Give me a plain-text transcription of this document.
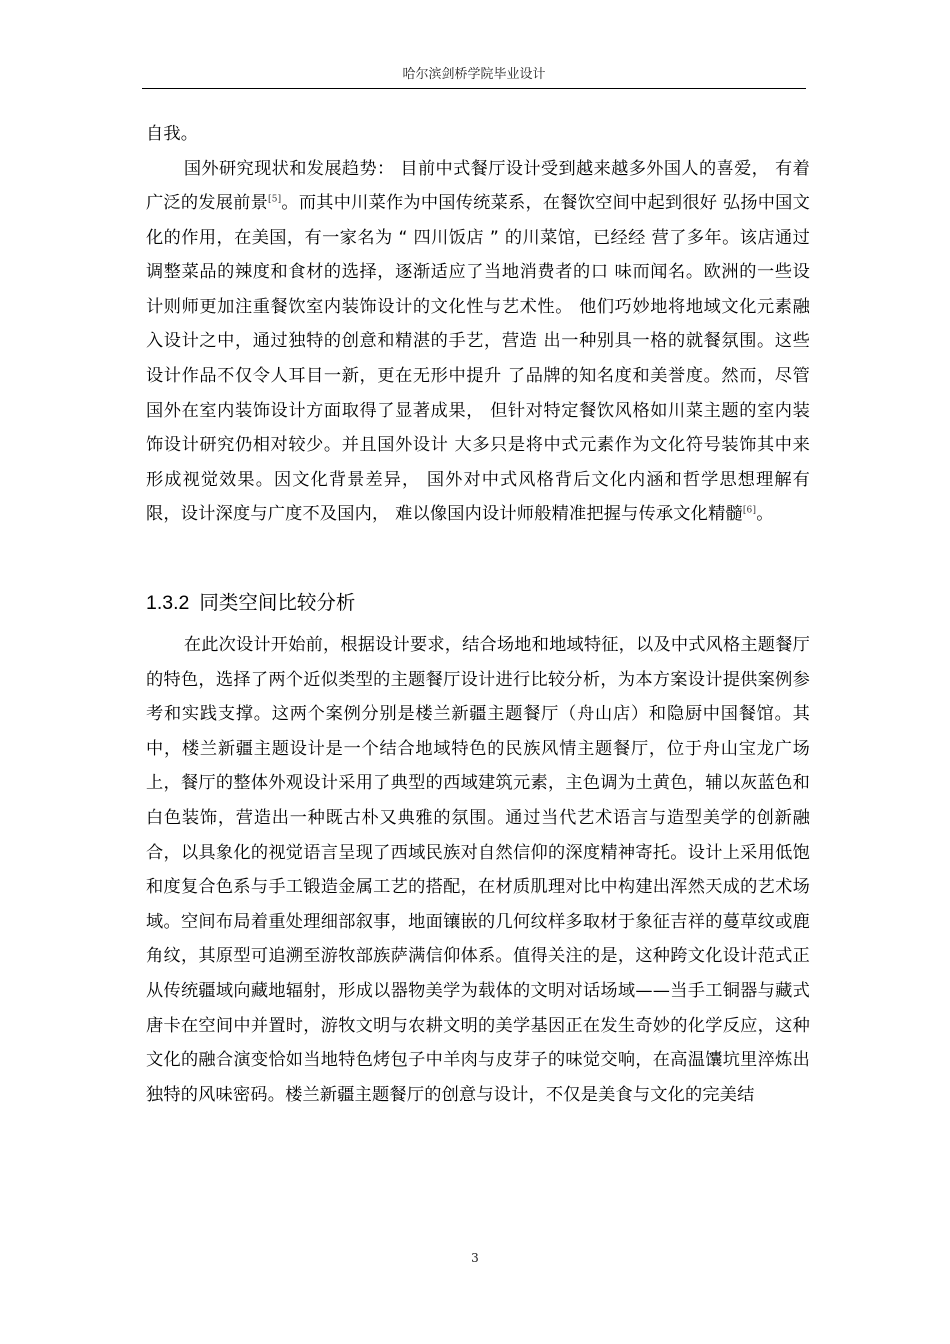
哈尔滨剑桥学院毕业设计

自我。

国外研究现状和发展趋势： 目前中式餐厅设计受到越来越多外国人的喜爱， 有着广泛的发展前景[5]。而其中川菜作为中国传统菜系，在餐饮空间中起到很好 弘扬中国文化的作用，在美国，有一家名为 “ 四川饭店 ” 的川菜馆，已经经 营了多年。该店通过调整菜品的辣度和食材的选择，逐渐适应了当地消费者的口 味而闻名。欧洲的一些设计则师更加注重餐饮室内装饰设计的文化性与艺术性。 他们巧妙地将地域文化元素融入设计之中，通过独特的创意和精湛的手艺，营造 出一种别具一格的就餐氛围。这些设计作品不仅令人耳目一新，更在无形中提升 了品牌的知名度和美誉度。然而，尽管国外在室内装饰设计方面取得了显著成果， 但针对特定餐饮风格如川菜主题的室内装饰设计研究仍相对较少。并且国外设计 大多只是将中式元素作为文化符号装饰其中来形成视觉效果。因文化背景差异， 国外对中式风格背后文化内涵和哲学思想理解有限，设计深度与广度不及国内， 难以像国内设计师般精准把握与传承文化精髓[6]。

1.3.2 同类空间比较分析

在此次设计开始前，根据设计要求，结合场地和地域特征，以及中式风格主题餐厅的特色，选择了两个近似类型的主题餐厅设计进行比较分析，为本方案设计提供案例参考和实践支撑。这两个案例分别是楼兰新疆主题餐厅（舟山店）和隐厨中国餐馆。其中，楼兰新疆主题设计是一个结合地域特色的民族风情主题餐厅，位于舟山宝龙广场上，餐厅的整体外观设计采用了典型的西域建筑元素，主色调为土黄色，辅以灰蓝色和白色装饰，营造出一种既古朴又典雅的氛围。通过当代艺术语言与造型美学的创新融合，以具象化的视觉语言呈现了西域民族对自然信仰的深度精神寄托。设计上采用低饱和度复合色系与手工锻造金属工艺的搭配，在材质肌理对比中构建出浑然天成的艺术场域。空间布局着重处理细部叙事，地面镶嵌的几何纹样多取材于象征吉祥的蔓草纹或鹿角纹，其原型可追溯至游牧部族萨满信仰体系。值得关注的是，这种跨文化设计范式正从传统疆域向藏地辐射，形成以器物美学为载体的文明对话场域——当手工铜器与藏式唐卡在空间中并置时，游牧文明与农耕文明的美学基因正在发生奇妙的化学反应，这种文化的融合演变恰如当地特色烤包子中羊肉与皮芽子的味觉交响，在高温馕坑里淬炼出独特的风味密码。楼兰新疆主题餐厅的创意与设计，不仅是美食与文化的完美结

3
